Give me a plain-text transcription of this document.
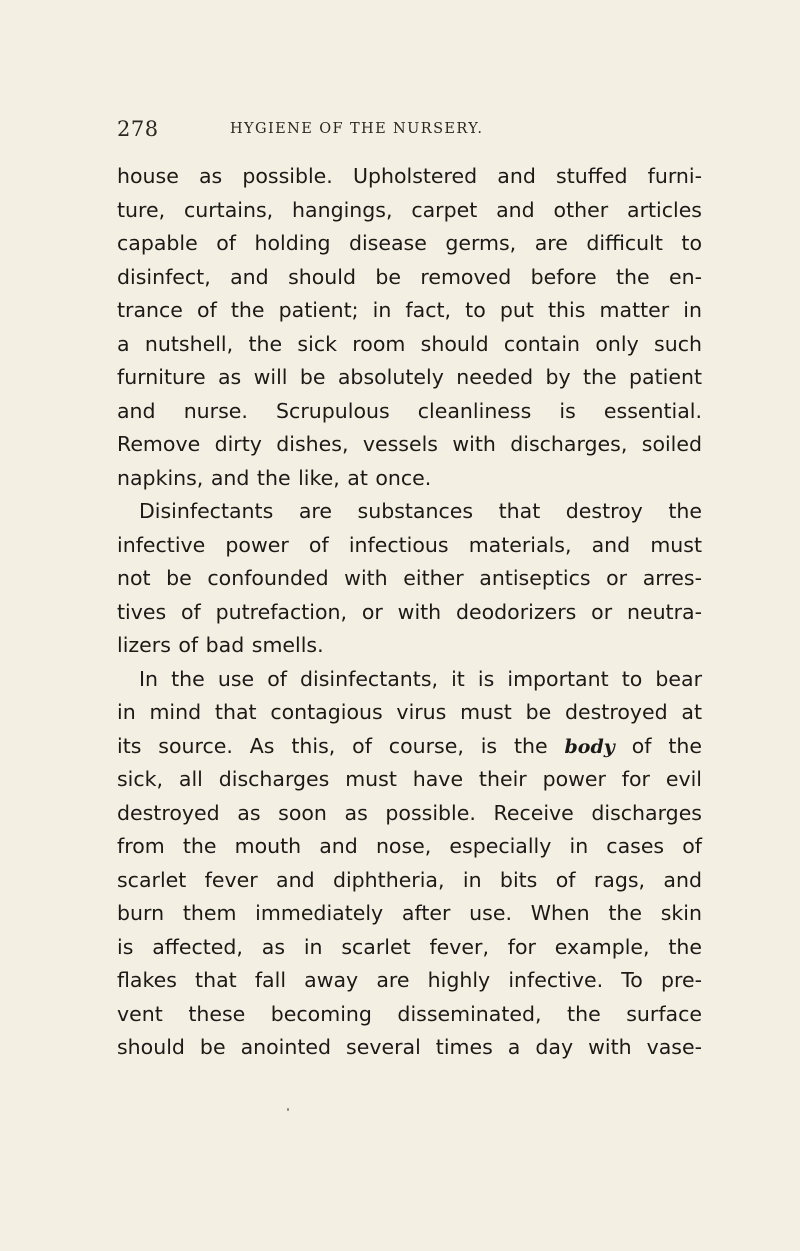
278	HYGIENE OF THE NURSERY.
house as possible. Upholstered and stuffed furni-
ture, curtains, hangings, carpet and other articles
capable of holding disease germs, are difficult to
disinfect, and should be removed before the en-
trance of the patient; in fact, to put this matter in
a nutshell, the sick room should contain only such
furniture as will be absolutely needed by the patient
and nurse. Scrupulous cleanliness is essential.
Remove dirty dishes, vessels with discharges, soiled
napkins, and the like, at once.
Disinfectants are substances that destroy the
infective power of infectious materials, and must
not be confounded with either antiseptics or arres-
tives of putrefaction, or with deodorizers or neutra-
lizers of bad smells.
In the use of disinfectants, it is important to bear
in mind that contagious virus must be destroyed at
its source. As this, of course, is the body of the
sick, all discharges must have their power for evil
destroyed as soon as possible. Receive discharges
from the mouth and nose, especially in cases of
scarlet fever and diphtheria, in bits of rags, and
burn them immediately after use. When the skin
is affected, as in scarlet fever, for example, the
flakes that fall away are highly infective. To pre-
vent these becoming disseminated, the surface
should be anointed several times a day with vase-
